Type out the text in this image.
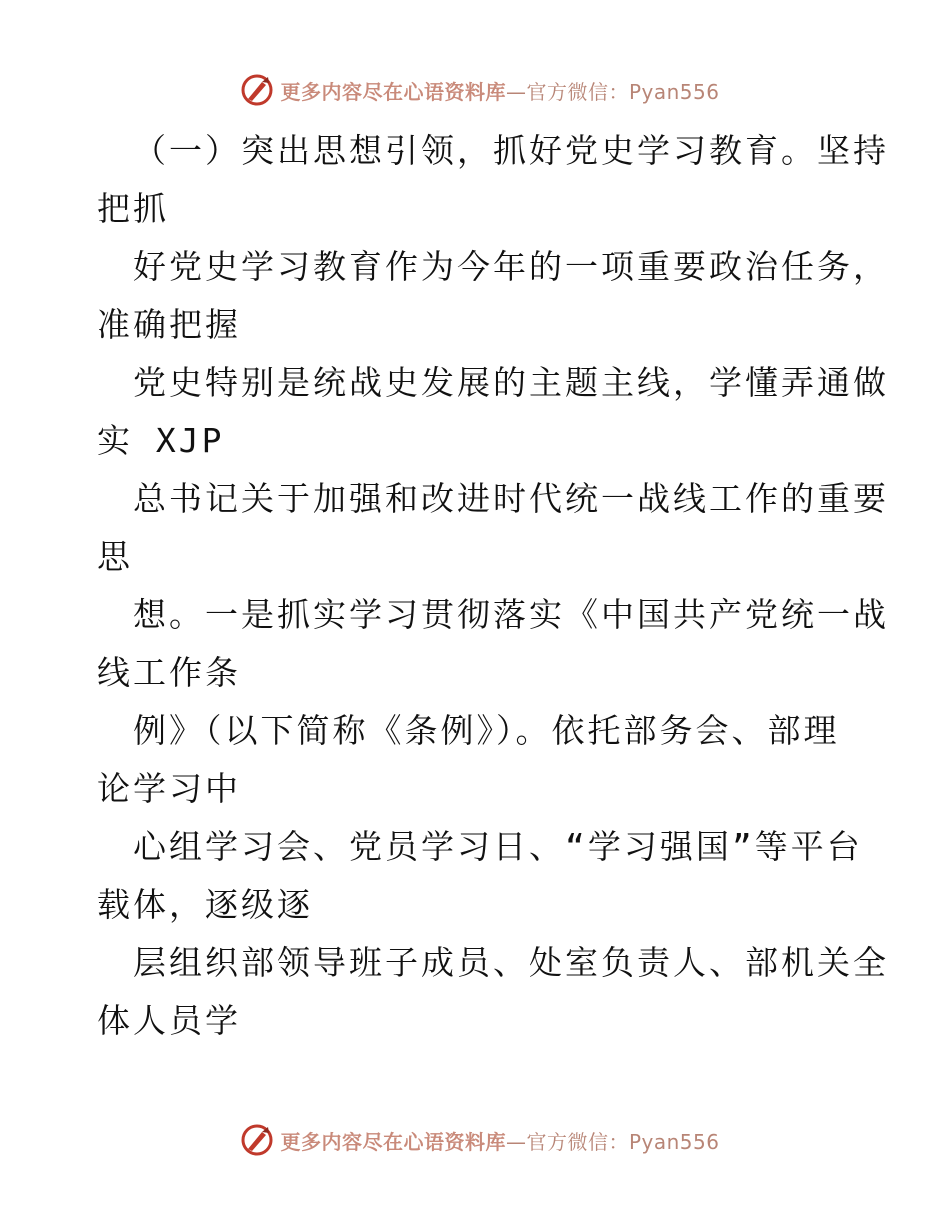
更多内容尽在心语资料库—官方微信：Pyan556
（一）突出思想引领，抓好党史学习教育。坚持
把抓
好党史学习教育作为今年的一项重要政治任务，
准确把握
党史特别是统战史发展的主题主线，学懂弄通做
实 XJP
总书记关于加强和改进时代统一战线工作的重要
思
想。一是抓实学习贯彻落实《中国共产党统一战
线工作条
例》（以下简称《条例》）。依托部务会、部理
论学习中
心组学习会、党员学习日、“学习强国”等平台
载体，逐级逐
层组织部领导班子成员、处室负责人、部机关全
体人员学
更多内容尽在心语资料库—官方微信：Pyan556
